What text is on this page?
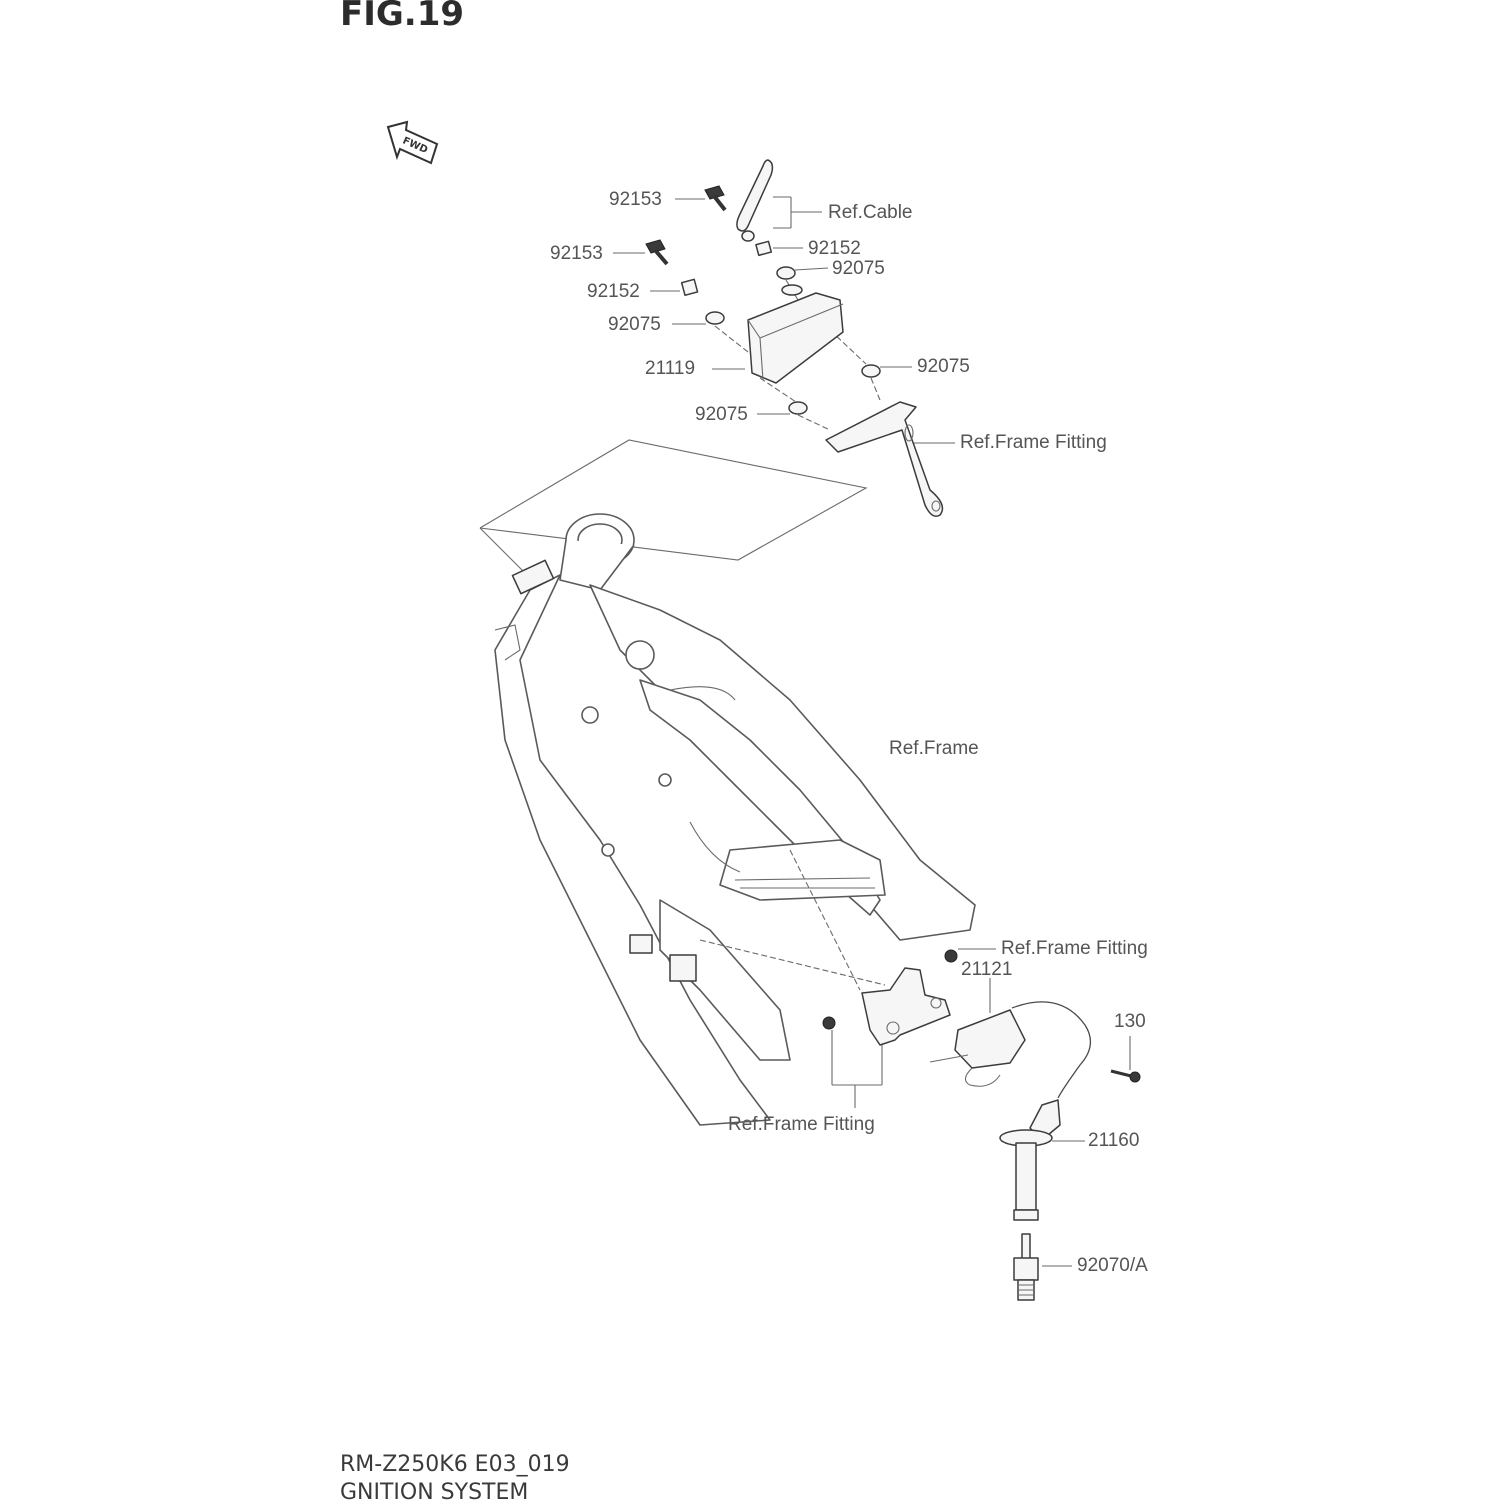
FWD
FIG.19
92153
Ref.Cable
92152
92153
92075
92152
92075
21119	92075
92075
Ref.Frame Fitting
Ref.Frame
Ref.Frame Fitting
21121
130
Ref.Frame Fitting
21160
92070/A
RM-Z250K6 E03_019
GNITION SYSTEM
